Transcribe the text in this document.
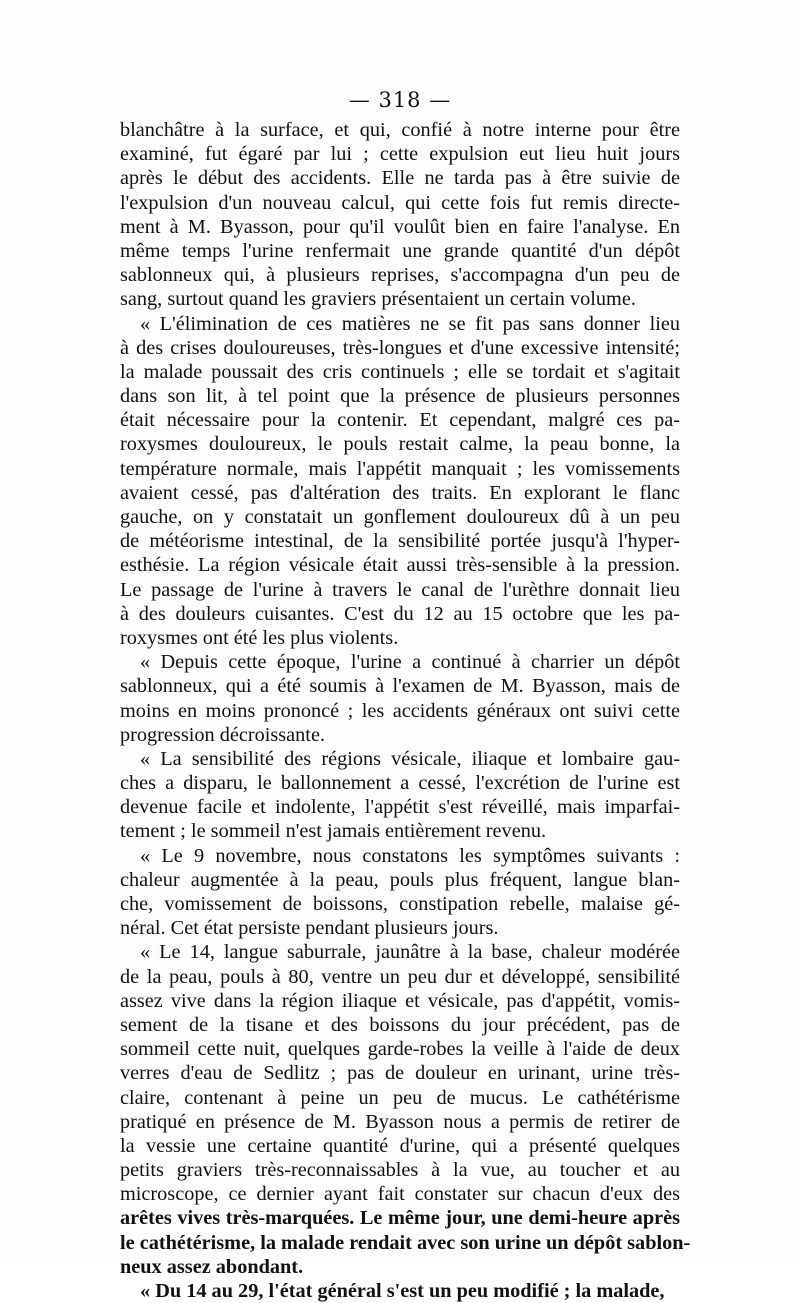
— 318 —
blanchâtre à la surface, et qui, confié à notre interne pour être
examiné, fut égaré par lui ; cette expulsion eut lieu huit jours
après le début des accidents. Elle ne tarda pas à être suivie de
l'expulsion d'un nouveau calcul, qui cette fois fut remis directe-
ment à M. Byasson, pour qu'il voulût bien en faire l'analyse. En
même temps l'urine renfermait une grande quantité d'un dépôt
sablonneux qui, à plusieurs reprises, s'accompagna d'un peu de
sang, surtout quand les graviers présentaient un certain volume.
« L'élimination de ces matières ne se fit pas sans donner lieu
à des crises douloureuses, très-longues et d'une excessive intensité;
la malade poussait des cris continuels ; elle se tordait et s'agitait
dans son lit, à tel point que la présence de plusieurs personnes
était nécessaire pour la contenir. Et cependant, malgré ces pa-
roxysmes douloureux, le pouls restait calme, la peau bonne, la
température normale, mais l'appétit manquait ; les vomissements
avaient cessé, pas d'altération des traits. En explorant le flanc
gauche, on y constatait un gonflement douloureux dû à un peu
de météorisme intestinal, de la sensibilité portée jusqu'à l'hyper-
esthésie. La région vésicale était aussi très-sensible à la pression.
Le passage de l'urine à travers le canal de l'urèthre donnait lieu
à des douleurs cuisantes. C'est du 12 au 15 octobre que les pa-
roxysmes ont été les plus violents.
« Depuis cette époque, l'urine a continué à charrier un dépôt
sablonneux, qui a été soumis à l'examen de M. Byasson, mais de
moins en moins prononcé ; les accidents généraux ont suivi cette
progression décroissante.
« La sensibilité des régions vésicale, iliaque et lombaire gau-
ches a disparu, le ballonnement a cessé, l'excrétion de l'urine est
devenue facile et indolente, l'appétit s'est réveillé, mais imparfai-
tement ; le sommeil n'est jamais entièrement revenu.
« Le 9 novembre, nous constatons les symptômes suivants :
chaleur augmentée à la peau, pouls plus fréquent, langue blan-
che, vomissement de boissons, constipation rebelle, malaise gé-
néral. Cet état persiste pendant plusieurs jours.
« Le 14, langue saburrale, jaunâtre à la base, chaleur modérée
de la peau, pouls à 80, ventre un peu dur et développé, sensibilité
assez vive dans la région iliaque et vésicale, pas d'appétit, vomis-
sement de la tisane et des boissons du jour précédent, pas de
sommeil cette nuit, quelques garde-robes la veille à l'aide de deux
verres d'eau de Sedlitz ; pas de douleur en urinant, urine très-
claire, contenant à peine un peu de mucus. Le cathétérisme
pratiqué en présence de M. Byasson nous a permis de retirer de
la vessie une certaine quantité d'urine, qui a présenté quelques
petits graviers très-reconnaissables à la vue, au toucher et au
microscope, ce dernier ayant fait constater sur chacun d'eux des
arêtes vives très-marquées. Le même jour, une demi-heure après
le cathétérisme, la malade rendait avec son urine un dépôt sablon-
neux assez abondant.
« Du 14 au 29, l'état général s'est un peu modifié ; la malade,
